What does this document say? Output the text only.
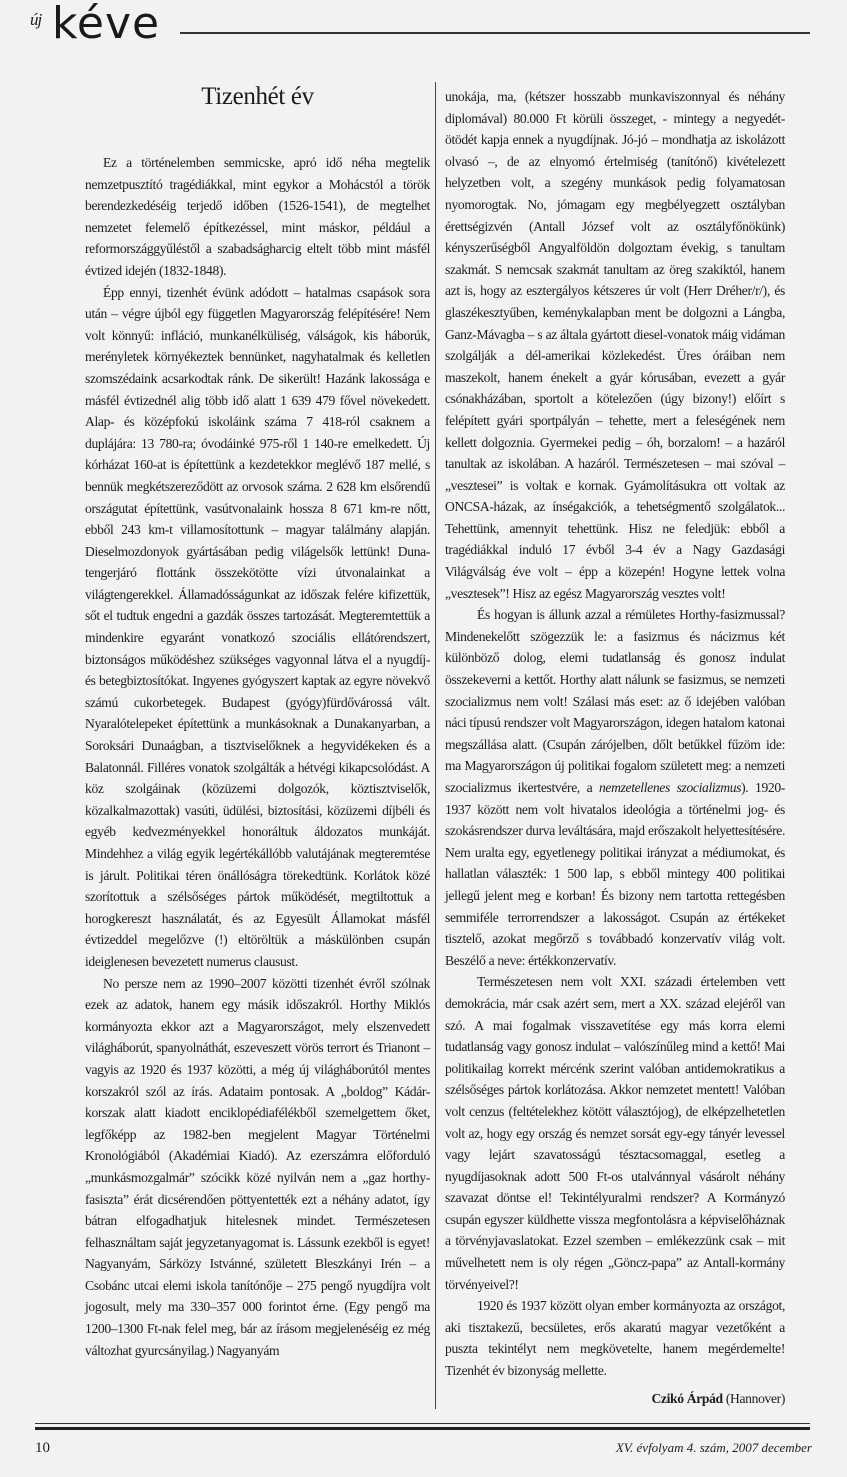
új kéve
Tizenhét év

Ez a történelemben semmicske, apró idő néha megtelik nemzetpusztító tragédiákkal, mint egykor a Mohácstól a török berendezkedéséig terjedő időben (1526-1541), de megtelhet nemzetet felemelő építkezéssel, mint máskor, például a reformországgyűléstől a szabadságharcig eltelt több mint másfél évtized idején (1832-1848).

Épp ennyi, tizenhét évünk adódott – hatalmas csapások sora után – végre újból egy független Magyarország felépítésére! Nem volt könnyű: infláció, munkanélküliség, válságok, kis háborúk, merényletek környékeztek bennünket, nagyhatalmak és kelletlen szomszédaink acsarkodtak ránk. De sikerült! Hazánk lakossága e másfél évtizednél alig több idő alatt 1 639 479 fővel növekedett. Alap- és középfokú iskoláink száma 7 418-ról csaknem a duplájára: 13 780-ra; óvodáinké 975-ről 1 140-re emelkedett. Új kórházat 160-at is építettünk a kezdetekkor meglévő 187 mellé, s bennük megkétszereződött az orvosok száma. 2 628 km elsőrendű országutat építettünk, vasútvonalaink hossza 8 671 km-re nőtt, ebből 243 km-t villamosítottunk – magyar találmány alapján. Dieselmozdonyok gyártásában pedig világelsők lettünk! Duna-tengerjáró flottánk összekötötte vízi útvonalainkat a világtengerekkel. Államadósságunkat az időszak felére kifizettük, sőt el tudtuk engedni a gazdák összes tartozását. Megteremtettük a mindenkire egyaránt vonatkozó szociális ellátórendszert, biztonságos működéshez szükséges vagyonnal látva el a nyugdíj- és betegbiztosítókat. Ingyenes gyógyszert kaptak az egyre növekvő számú cukorbetegek. Budapest (gyógy)fürdővárossá vált. Nyaralótelepeket építettünk a munkásoknak a Dunakanyarban, a Soroksári Dunaágban, a tisztviselőknek a hegyvidékeken és a Balatonnál. Filléres vonatok szolgálták a hétvégi kikapcsolódást. A köz szolgáinak (közüzemi dolgozók, köztisztviselők, közalkalmazottak) vasúti, üdülési, biztosítási, közüzemi díjbéli és egyéb kedvezményekkel honoráltuk áldozatos munkáját. Mindehhez a világ egyik legértékállóbb valutájának megteremtése is járult. Politikai téren önállóságra törekedtünk. Korlátok közé szorítottuk a szélsőséges pártok működését, megtiltottuk a horogkereszt használatát, és az Egyesült Államokat másfél évtizeddel megelőzve (!) eltöröltük a máskülönben csupán ideiglenesen bevezetett numerus clausust.

No persze nem az 1990–2007 közötti tizenhét évről szólnak ezek az adatok, hanem egy másik időszakról. Horthy Miklós kormányozta ekkor azt a Magyarországot, mely elszenvedett világháborút, spanyolnáthát, eszeveszett vörös terrort és Trianont – vagyis az 1920 és 1937 közötti, a még új világháborútól mentes korszakról szól az írás. Adataim pontosak. A „boldog” Kádár-korszak alatt kiadott enciklopédiafélékből szemelgettem őket, legfőképp az 1982-ben megjelent Magyar Történelmi Kronológiából (Akadémiai Kiadó). Az ezerszámra előforduló „munkásmozgalmár” szócikk közé nyilván nem a „gaz horthy-fasiszta” érát dicsérendően pöttyentették ezt a néhány adatot, így bátran elfogadhatjuk hitelesnek mindet. Természetesen felhasználtam saját jegyzetanyagomat is. Lássunk ezekből is egyet! Nagyanyám, Sárközy Istvánné, született Bleszkányi Irén – a Csobánc utcai elemi iskola tanítónője – 275 pengő nyugdíjra volt jogosult, mely ma 330–357 000 forintot érne. (Egy pengő ma 1200–1300 Ft-nak felel meg, bár az írásom megjelenéséig ez még változhat gyurcsányilag.) Nagyanyám

unokája, ma, (kétszer hosszabb munkaviszonnyal és néhány diplomával) 80.000 Ft körüli összeget, - mintegy a negyedét-ötödét kapja ennek a nyugdíjnak. Jó-jó – mondhatja az iskolázott olvasó –, de az elnyomó értelmiség (tanítónő) kivételezett helyzetben volt, a szegény munkások pedig folyamatosan nyomorogtak. No, jómagam egy megbélyegzett osztályban érettségizvén (Antall József volt az osztályfőnökünk) kényszerűségből Angyalföldön dolgoztam évekig, s tanultam szakmát. S nemcsak szakmát tanultam az öreg szakiktól, hanem azt is, hogy az esztergályos kétszeres úr volt (Herr Dréher/r/), és glaszékesztyűben, keménykalapban ment be dolgozni a Lángba, Ganz-Mávagba – s az általa gyártott diesel-vonatok máig vidáman szolgálják a dél-amerikai közlekedést. Üres óráiban nem maszekolt, hanem énekelt a gyár kórusában, evezett a gyár csónakházában, sportolt a kötelezően (úgy bizony!) előírt s felépített gyári sportpályán – tehette, mert a feleségének nem kellett dolgoznia. Gyermekei pedig – óh, borzalom! – a hazáról tanultak az iskolában. A hazáról. Természetesen – mai szóval – „vesztesei” is voltak e kornak. Gyámolításukra ott voltak az ONCSA-házak, az ínségakciók, a tehetségmentő szolgálatok... Tehettünk, amennyit tehettünk. Hisz ne feledjük: ebből a tragédiákkal induló 17 évből 3-4 év a Nagy Gazdasági Világválság éve volt – épp a közepén! Hogyne lettek volna „vesztesek”! Hisz az egész Magyarország vesztes volt!

És hogyan is állunk azzal a rémületes Horthy-fasizmussal? Mindenekelőtt szögezzük le: a fasizmus és nácizmus két különböző dolog, elemi tudatlanság és gonosz indulat összekeverni a kettőt. Horthy alatt nálunk se fasizmus, se nemzeti szocializmus nem volt! Szálasi más eset: az ő idejében valóban náci típusú rendszer volt Magyarországon, idegen hatalom katonai megszállása alatt. (Csupán zárójelben, dőlt betűkkel fűzöm ide: ma Magyarországon új politikai fogalom született meg: a nemzeti szocializmus ikertestvére, a nemzetellenes szocializmus). 1920-1937 között nem volt hivatalos ideológia a történelmi jog- és szokásrendszer durva leváltására, majd erőszakolt helyettesítésére. Nem uralta egy, egyetlenegy politikai irányzat a médiumokat, és hallatlan választék: 1 500 lap, s ebből mintegy 400 politikai jellegű jelent meg e korban! És bizony nem tartotta rettegésben semmiféle terrorrendszer a lakosságot. Csupán az értékeket tisztelő, azokat megőrző s továbbadó konzervatív világ volt. Beszélő a neve: értékkonzervatív.

Természetesen nem volt XXI. századi értelemben vett demokrácia, már csak azért sem, mert a XX. század elejéről van szó. A mai fogalmak visszavetítése egy más korra elemi tudatlanság vagy gonosz indulat – valószínűleg mind a kettő! Mai politikailag korrekt mércénk szerint valóban antidemokratikus a szélsőséges pártok korlátozása. Akkor nemzetet mentett! Valóban volt cenzus (feltételekhez kötött választójog), de elképzelhetetlen volt az, hogy egy ország és nemzet sorsát egy-egy tányér levessel vagy lejárt szavatosságú tésztacsomaggal, esetleg a nyugdíjasoknak adott 500 Ft-os utalvánnyal vásárolt néhány szavazat döntse el! Tekintélyuralmi rendszer? A Kormányzó csupán egyszer küldhette vissza megfontolásra a képviselőháznak a törvényjavaslatokat. Ezzel szemben – emlékezzünk csak – mit művelhetett nem is oly régen „Göncz-papa” az Antall-kormány törvényeivel?!

1920 és 1937 között olyan ember kormányozta az országot, aki tisztakezű, becsületes, erős akaratú magyar vezetőként a puszta tekintélyt nem megkövetelte, hanem megérdemelte! Tizenhét év bizonyság mellette.

Czikó Árpád (Hannover)

10	XV. évfolyam 4. szám, 2007 december
